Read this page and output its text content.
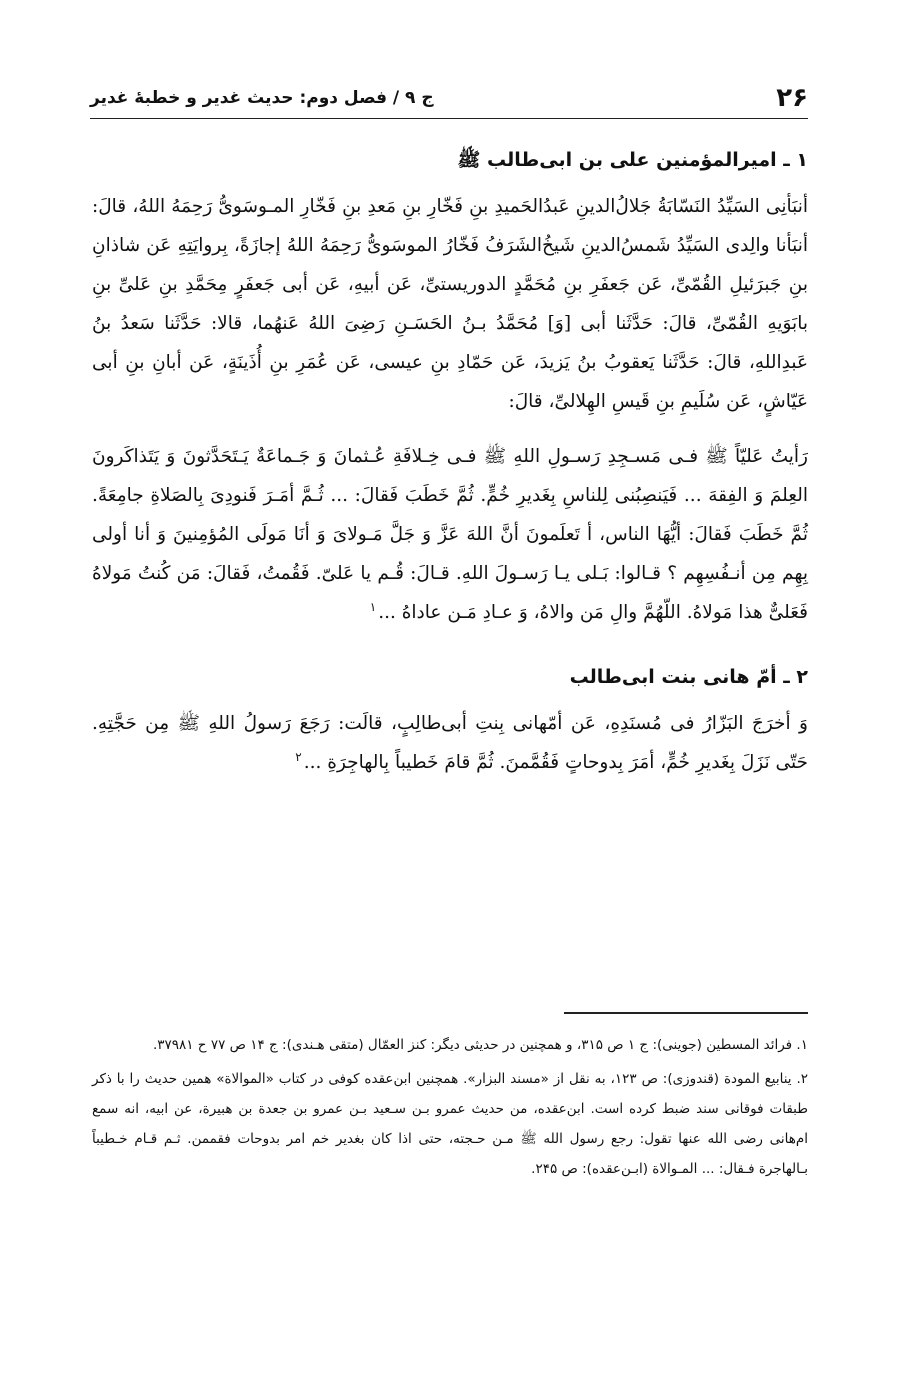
۲۶
ج ۹ / فصل دوم: حدیث غدیر و خطبهٔ غدیر
۱ ـ امیرالمؤمنین علی بن ابی‌طالب ﷺ

أنبَأنِی السَیِّدُ النَسّابَةُ جَلالُ‌الدینِ عَبدُالحَمیدِ بنِ فَخّارِ بنِ مَعدِ بنِ فَخّارِ المـوسَویُّ رَحِمَهُ اللهُ، قالَ: أنبَأنا والِدی السَیِّدُ شَمسُ‌الدینِ شَیخُ‌الشَرَفُ فَخّارُ الموسَویُّ رَحِمَهُ اللهُ إجازَةً، بِروایَتِهِ عَن شاذانِ بنِ جَبرَئیلِ القُمّیِّ، عَن جَعفَرِ بنِ مُحَمَّدٍ الدوریستیِّ، عَن أبیهِ، عَن أبی جَعفَرٍ مِحَمَّدِ بنِ عَلیِّ بنِ بابَوَیهِ القُمّیِّ، قالَ: حَدَّثَنا أبی [وَ] مُحَمَّدُ بـنُ الحَسَـنِ رَضِیَ اللهُ عَنهُما، قالا: حَدَّثَنا سَعدُ بنُ عَبدِاللهِ، قالَ: حَدَّثَنا یَعقوبُ بنُ یَزیدَ، عَن حَمّادِ بنِ عیسی، عَن عُمَرِ بنِ أُذَینَةٍ، عَن أبانِ بنِ أبی عَیّاشٍ، عَن سُلَیمِ بنِ قَیسِ الهِلالیِّ، قالَ:

رَأیتُ عَلیّاً ﷺ فـی مَسـجِدِ رَسـولِ اللهِ ﷺ فـی خِـلافَةِ عُـثمانَ وَ جَـماعَةٌ یَـتَحَدَّثونَ وَ یَتَذاکَرونَ العِلمَ وَ الفِقهَ ... فَیَنصِبُنی لِلناسِ بِغَدیرِ خُمٍّ. ثُمَّ خَطَبَ فَقالَ: ... ثُـمَّ أمَـرَ فَنودِیَ بِالصَلاةِ جامِعَةً. ثُمَّ خَطَبَ فَقالَ: أیُّهَا الناس، أ تَعلَمونَ أنَّ اللهَ عَزَّ وَ جَلَّ مَـولایَ وَ أنَا مَولَی المُؤمِنینَ وَ أنا أولی بِهِم مِن أنـفُسِهِم ؟ قـالوا: بَـلی یـا رَسـولَ اللهِ. قـالَ: قُـم یا عَلیّ. فَقُمتُ، فَقالَ: مَن کُنتُ مَولاهُ فَعَلیٌّ هذا مَولاهُ. اللّهُمَّ والِ مَن والاهُ، وَ عـادِ مَـن عاداهُ ...$^۱$

۲ ـ أمّ هانی بنت ابی‌طالب

وَ أخرَجَ البَزّارُ فی مُسنَدِهِ، عَن أمّهانی بِنتِ أبی‌طالِبٍ، قالَت: رَجَعَ رَسولُ اللهِ ﷺ مِن حَجَّتِهِ. حَتّی نَزَلَ بِغَدیرِ خُمٍّ، أمَرَ بِدوحاتٍ فَقُمَّمنَ. ثُمَّ قامَ خَطیباً بِالهاجِرَةِ ...$^۲$

۱. فرائد المسطین (جوینی): ج ۱ ص ۳۱۵، و همچنین در حدیثی دیگر: کنز العمّال (متقی هـندی): ج ۱۴ ص ۷۷ ح ۳۷۹۸۱.

۲. ینابیع المودة (قندوزی): ص ۱۲۳، به نقل از «مسند البزار». همچنین ابن‌عقده کوفی در کتاب «الموالاة» همین حدیث را با ذکر طبقات فوقانی سند ضبط کرده است. ابن‌عقده، من حدیث عمرو بـن سـعید بـن عمرو بن جعدة بن هبیرة، عن ابیه، انه سمع ام‌هانی رضی الله عنها تقول: رجع رسول الله ﷺ مـن حـجته، حتی اذا کان بغدیر خم امر بدوحات فقممن. ثـم قـام خـطیباً بـالهاجرة فـقال: ... المـوالاة (ابـن‌عقده): ص ۲۴۵.
